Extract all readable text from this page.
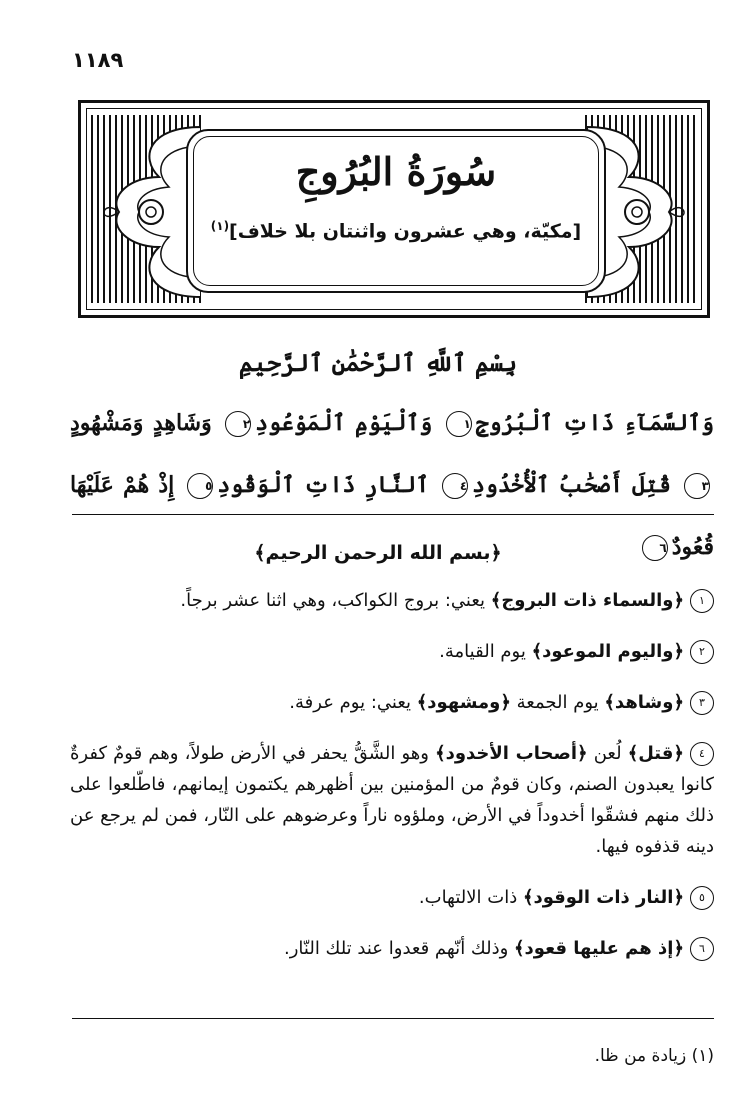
١١٨٩
سُورَةُ البُرُوجِ
[مكيّة، وهي عشرون واثنتان بلا خلاف]$^{(١)}$
بِسْمِ ٱللَّهِ ٱلرَّحْمَٰنِ ٱلرَّحِيمِ
وَٱلسَّمَآءِ ذَاتِ ٱلْبُرُوجِ١ وَٱلْيَوْمِ ٱلْمَوْعُودِ٢ وَشَاهِدٍ وَمَشْهُودٍ٣ قُتِلَ أَصْحَٰبُ ٱلْأُخْدُودِ٤ ٱلنَّارِ ذَاتِ ٱلْوَقُودِ٥ إِذْ هُمْ عَلَيْهَا قُعُودٌ٦
﴿بسم الله الرحمن الرحيم﴾

١﴿والسماء ذات البروج﴾ يعني: بروج الكواكب، وهي اثنا عشر برجاً.

٢﴿واليوم الموعود﴾ يوم القيامة.

٣﴿وشاهد﴾ يوم الجمعة ﴿ومشهود﴾ يعني: يوم عرفة.

٤﴿قتل﴾ لُعن ﴿أصحاب الأخدود﴾ وهو الشَّقُّ يحفر في الأرض طولاً، وهم قومٌ كفرةٌ كانوا يعبدون الصنم، وكان قومٌ من المؤمنين بين أظهرهم يكتمون إيمانهم، فاطّلعوا على ذلك منهم فشقّوا أخدوداً في الأرض، وملؤوه ناراً وعرضوهم على النّار، فمن لم يرجع عن دينه قذفوه فيها.

٥﴿النار ذات الوقود﴾ ذات الالتهاب.

٦﴿إذ هم عليها قعود﴾ وذلك أنّهم قعدوا عند تلك النّار.

(١) زيادة من ظا.
